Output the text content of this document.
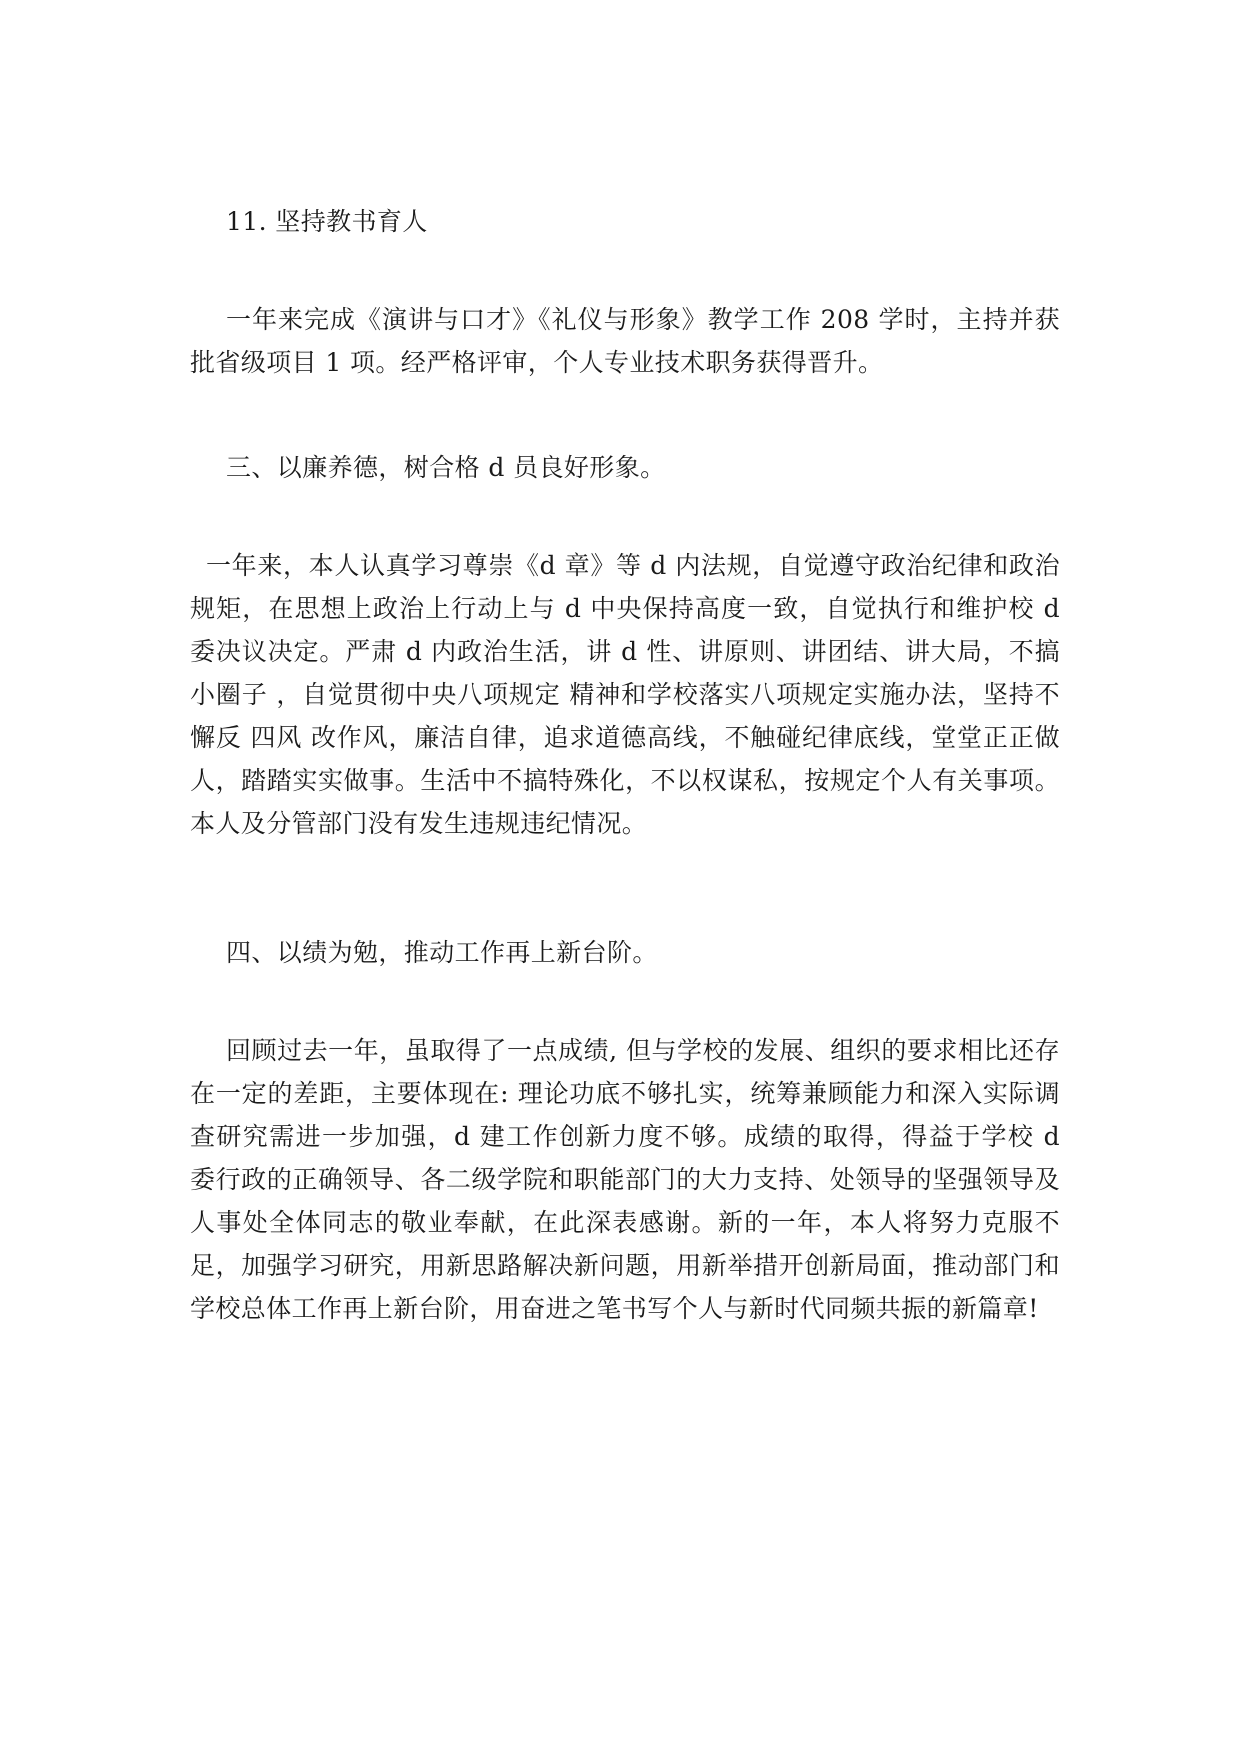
11. 坚持教书育人

一年来完成《演讲与口才》《礼仪与形象》教学工作 208 学时，主持并获批省级项目 1 项。经严格评审，个人专业技术职务获得晋升。

三、以廉养德，树合格 d 员良好形象。

一年来，本人认真学习尊崇《d 章》等 d 内法规，自觉遵守政治纪律和政治规矩，在思想上政治上行动上与 d 中央保持高度一致，自觉执行和维护校 d 委决议决定。严肃 d 内政治生活，讲 d 性、讲原则、讲团结、讲大局，不搞 小圈子 ，自觉贯彻中央八项规定 精神和学校落实八项规定实施办法，坚持不懈反 四风 改作风，廉洁自律，追求道德高线，不触碰纪律底线，堂堂正正做人，踏踏实实做事。生活中不搞特殊化，不以权谋私，按规定个人有关事项。本人及分管部门没有发生违规违纪情况。

四、以绩为勉，推动工作再上新台阶。

回顾过去一年，虽取得了一点成绩, 但与学校的发展、组织的要求相比还存在一定的差距，主要体现在: 理论功底不够扎实，统筹兼顾能力和深入实际调查研究需进一步加强，d 建工作创新力度不够。成绩的取得，得益于学校 d 委行政的正确领导、各二级学院和职能部门的大力支持、处领导的坚强领导及人事处全体同志的敬业奉献，在此深表感谢。新的一年，本人将努力克服不足，加强学习研究，用新思路解决新问题，用新举措开创新局面，推动部门和学校总体工作再上新台阶，用奋进之笔书写个人与新时代同频共振的新篇章!
